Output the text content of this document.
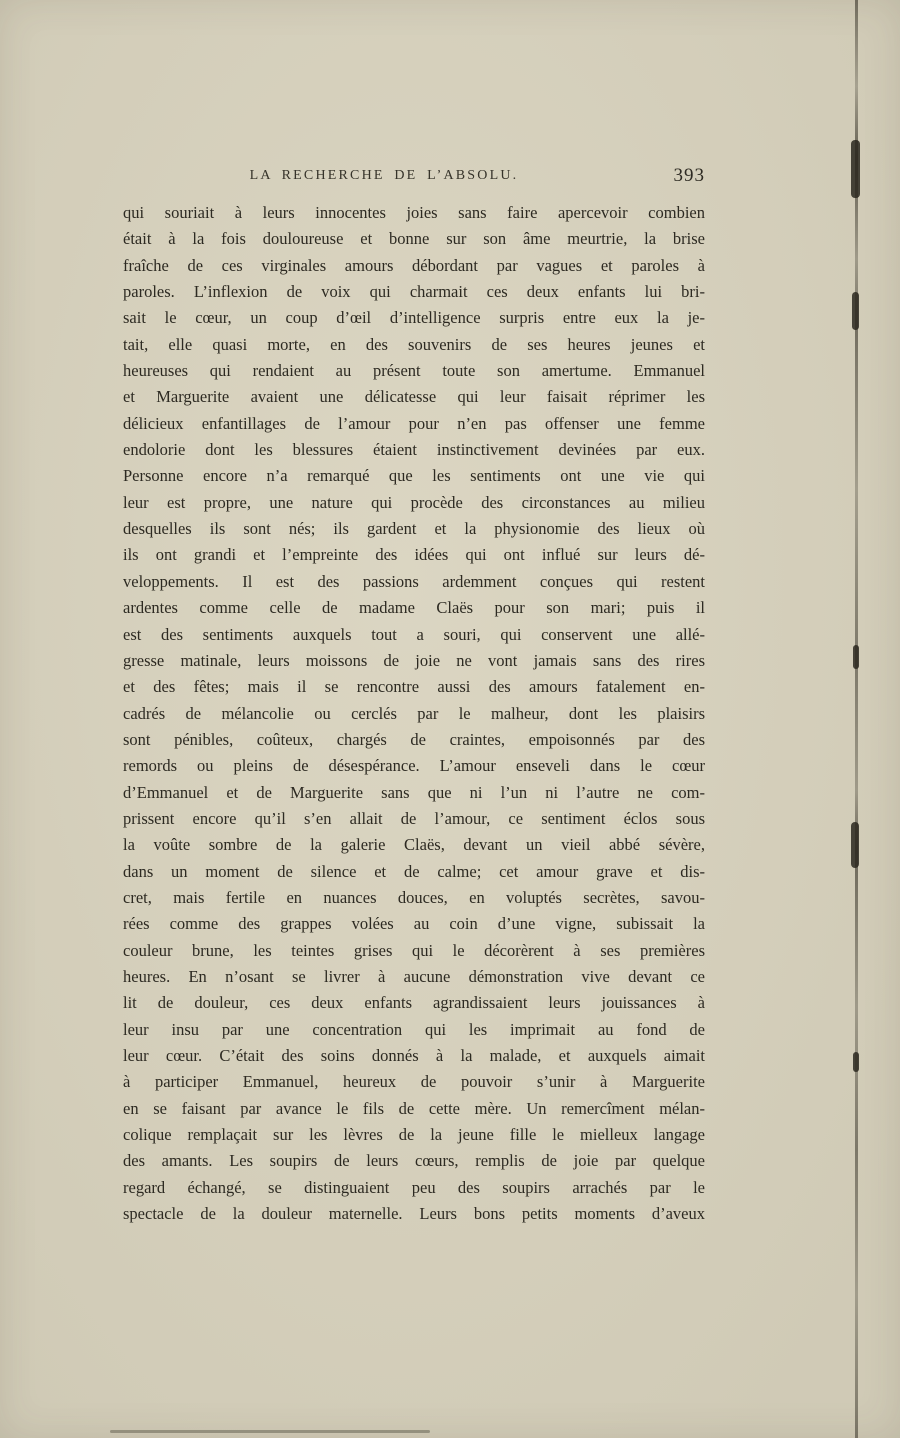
LA RECHERCHE DE L’ABSOLU.	393
qui souriait à leurs innocentes joies sans faire apercevoir combien
était à la fois douloureuse et bonne sur son âme meurtrie, la brise
fraîche de ces virginales amours débordant par vagues et paroles à
paroles. L’inflexion de voix qui charmait ces deux enfants lui bri-
sait le cœur, un coup d’œil d’intelligence surpris entre eux la je-
tait, elle quasi morte, en des souvenirs de ses heures jeunes et
heureuses qui rendaient au présent toute son amertume. Emmanuel
et Marguerite avaient une délicatesse qui leur faisait réprimer les
délicieux enfantillages de l’amour pour n’en pas offenser une femme
endolorie dont les blessures étaient instinctivement devinées par eux.
Personne encore n’a remarqué que les sentiments ont une vie qui
leur est propre, une nature qui procède des circonstances au milieu
desquelles ils sont nés; ils gardent et la physionomie des lieux où
ils ont grandi et l’empreinte des idées qui ont influé sur leurs dé-
veloppements. Il est des passions ardemment conçues qui restent
ardentes comme celle de madame Claës pour son mari; puis il
est des sentiments auxquels tout a souri, qui conservent une allé-
gresse matinale, leurs moissons de joie ne vont jamais sans des rires
et des fêtes; mais il se rencontre aussi des amours fatalement en-
cadrés de mélancolie ou cerclés par le malheur, dont les plaisirs
sont pénibles, coûteux, chargés de craintes, empoisonnés par des
remords ou pleins de désespérance. L’amour enseveli dans le cœur
d’Emmanuel et de Marguerite sans que ni l’un ni l’autre ne com-
prissent encore qu’il s’en allait de l’amour, ce sentiment éclos sous
la voûte sombre de la galerie Claës, devant un vieil abbé sévère,
dans un moment de silence et de calme; cet amour grave et dis-
cret, mais fertile en nuances douces, en voluptés secrètes, savou-
rées comme des grappes volées au coin d’une vigne, subissait la
couleur brune, les teintes grises qui le décorèrent à ses premières
heures. En n’osant se livrer à aucune démonstration vive devant ce
lit de douleur, ces deux enfants agrandissaient leurs jouissances à
leur insu par une concentration qui les imprimait au fond de
leur cœur. C’était des soins donnés à la malade, et auxquels aimait
à participer Emmanuel, heureux de pouvoir s’unir à Marguerite
en se faisant par avance le fils de cette mère. Un remercîment mélan-
colique remplaçait sur les lèvres de la jeune fille le mielleux langage
des amants. Les soupirs de leurs cœurs, remplis de joie par quelque
regard échangé, se distinguaient peu des soupirs arrachés par le
spectacle de la douleur maternelle. Leurs bons petits moments d’aveux
